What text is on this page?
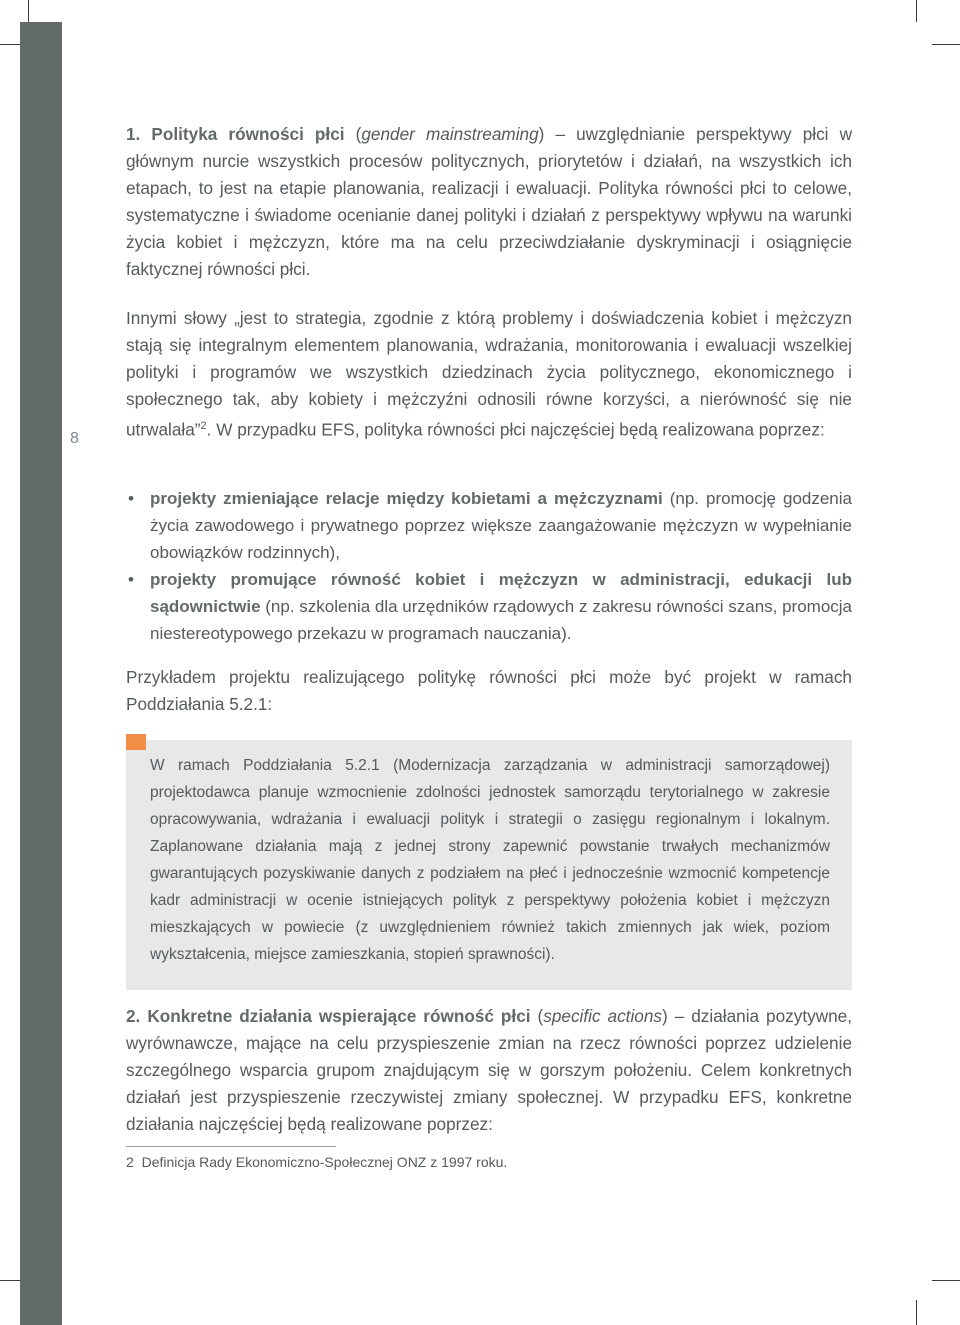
8

1. Polityka równości płci (gender mainstreaming) – uwzględnianie perspektywy płci w głównym nurcie wszystkich procesów politycznych, priorytetów i działań, na wszystkich ich etapach, to jest na etapie planowania, realizacji i ewaluacji. Polityka równości płci to celowe, systematyczne i świadome ocenianie danej polityki i działań z perspektywy wpływu na warunki życia kobiet i mężczyzn, które ma na celu przeciwdziałanie dyskryminacji i osiągnięcie faktycznej równości płci.

Innymi słowy „jest to strategia, zgodnie z którą problemy i doświadczenia kobiet i mężczyzn stają się integralnym elementem planowania, wdrażania, monitorowania i ewaluacji wszelkiej polityki i programów we wszystkich dziedzinach życia politycznego, ekonomicznego i społecznego tak, aby kobiety i mężczyźni odnosili równe korzyści, a nierówność się nie utrwalała”$^2$. W przypadku EFS, polityka równości płci najczęściej będą realizowana poprzez:

• projekty zmieniające relacje między kobietami a mężczyznami (np. promocję godzenia życia zawodowego i prywatnego poprzez większe zaangażowanie mężczyzn w wypełnianie obowiązków rodzinnych),
• projekty promujące równość kobiet i mężczyzn w administracji, edukacji lub sądownictwie (np. szkolenia dla urzędników rządowych z zakresu równości szans, promocja niestereotypowego przekazu w programach nauczania).

Przykładem projektu realizującego politykę równości płci może być projekt w ramach Poddziałania 5.2.1:

W ramach Poddziałania 5.2.1 (Modernizacja zarządzania w administracji samorządowej) projektodawca planuje wzmocnienie zdolności jednostek samorządu terytorialnego w zakresie opracowywania, wdrażania i ewaluacji polityk i strategii o zasięgu regionalnym i lokalnym. Zaplanowane działania mają z jednej strony zapewnić powstanie trwałych mechanizmów gwarantujących pozyskiwanie danych z podziałem na płeć i jednocześnie wzmocnić kompetencje kadr administracji w ocenie istniejących polityk z perspektywy położenia kobiet i mężczyzn mieszkających w powiecie (z uwzględnieniem również takich zmiennych jak wiek, poziom wykształcenia, miejsce zamieszkania, stopień sprawności).

2. Konkretne działania wspierające równość płci (specific actions) – działania pozytywne, wyrównawcze, mające na celu przyspieszenie zmian na rzecz równości poprzez udzielenie szczególnego wsparcia grupom znajdującym się w gorszym położeniu. Celem konkretnych działań jest przyspieszenie rzeczywistej zmiany społecznej. W przypadku EFS, konkretne działania najczęściej będą realizowane poprzez:

2 Definicja Rady Ekonomiczno-Społecznej ONZ z 1997 roku.
